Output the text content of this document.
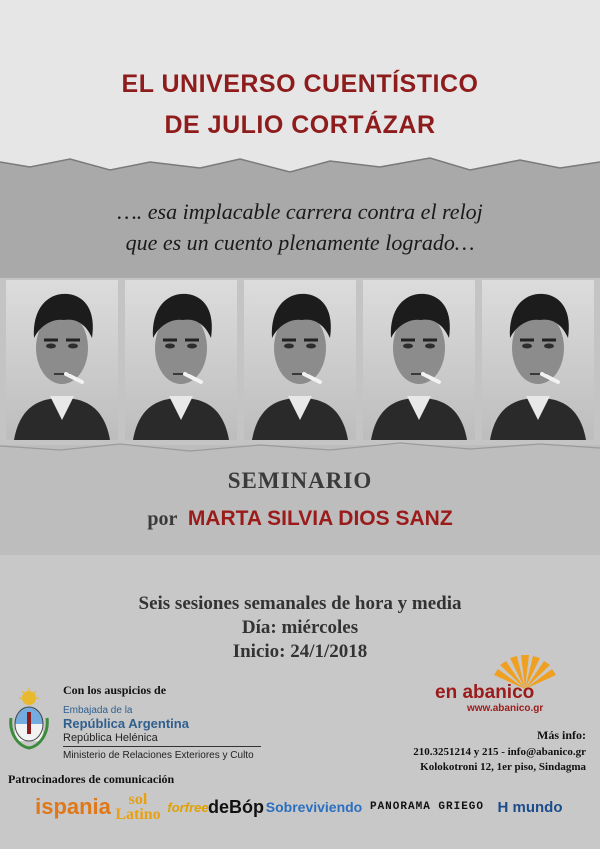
EL UNIVERSO CUENTÍSTICO
DE JULIO CORTÁZAR
…. esa implacable carrera contra el reloj
que es un cuento plenamente logrado…
SEMINARIO
por MARTA SILVIA DIOS SANZ
Seis sesiones semanales de hora y media
Día: miércoles
Inicio: 24/1/2018
Con los auspicios de
Embajada de la
República Argentina
República Helénica
Ministerio de Relaciones Exteriores y Culto
en abanico
www.abanico.gr
Más info:
210.3251214 y 215 - info@abanico.gr
Kolokotroni 12, 1er piso, Sindagma
Patrocinadores de comunicación
ispania	sol Latino forfree deBóp Sobreviviendo PANORAMA GRIEGO H mundo
